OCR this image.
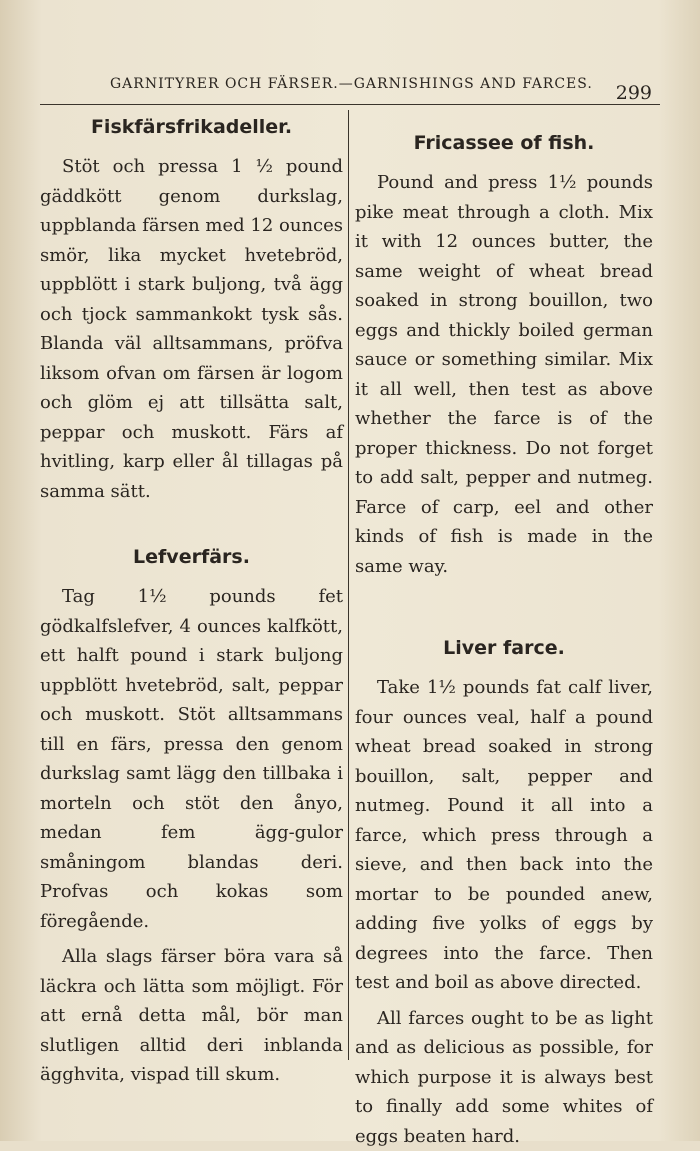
GARNITYRER OCH FÄRSER.—GARNISHINGS AND FARCES. 299
Fiskfärsfrikadeller.

Stöt och pressa 1 ½ pound gäddkött genom durkslag, uppblanda färsen med 12 ounces smör, lika mycket hvetebröd, uppblött i stark buljong, två ägg och tjock sammankokt tysk sås. Blanda väl alltsammans, pröfva liksom ofvan om färsen är logom och glöm ej att tillsätta salt, peppar och muskott. Färs af hvitling, karp eller ål tillagas på samma sätt.

Lefverfärs.

Tag 1½ pounds fet gödkalfslefver, 4 ounces kalfkött, ett halft pound i stark buljong uppblött hvetebröd, salt, peppar och muskott. Stöt alltsammans till en färs, pressa den genom durkslag samt lägg den tillbaka i morteln och stöt den ånyo, medan fem ägg-gulor småningom blandas deri. Profvas och kokas som föregående.

Alla slags färser böra vara så läckra och lätta som möjligt. För att ernå detta mål, bör man slutligen alltid deri inblanda ägghvita, vispad till skum.

Fricassee of fish.

Pound and press 1½ pounds pike meat through a cloth. Mix it with 12 ounces butter, the same weight of wheat bread soaked in strong bouillon, two eggs and thickly boiled german sauce or something similar. Mix it all well, then test as above whether the farce is of the proper thickness. Do not forget to add salt, pepper and nutmeg. Farce of carp, eel and other kinds of fish is made in the same way.

Liver farce.

Take 1½ pounds fat calf liver, four ounces veal, half a pound wheat bread soaked in strong bouillon, salt, pepper and nutmeg. Pound it all into a farce, which press through a sieve, and then back into the mortar to be pounded anew, adding five yolks of eggs by degrees into the farce. Then test and boil as above directed.

All farces ought to be as light and as delicious as possible, for which purpose it is always best to finally add some whites of eggs beaten hard.
